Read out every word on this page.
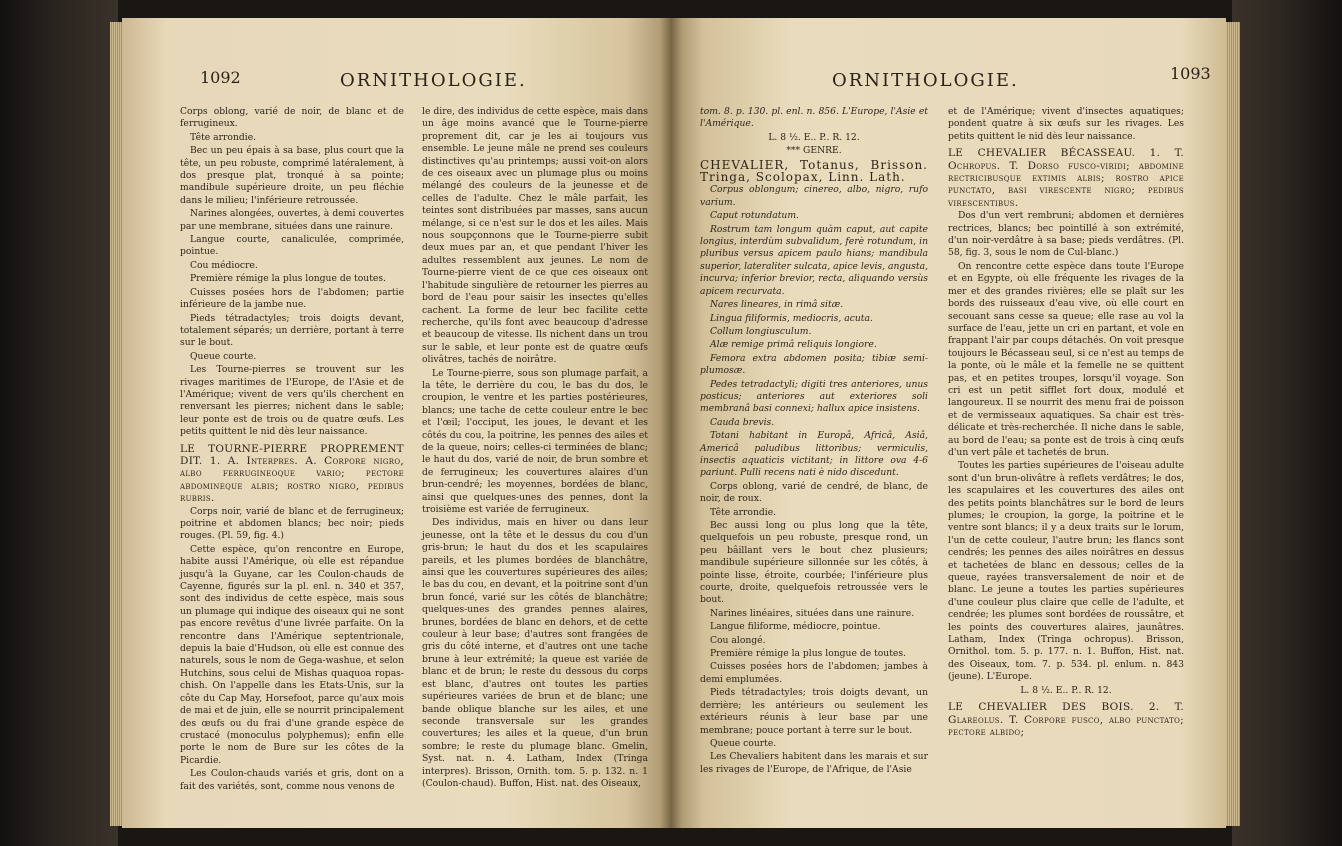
1092	ORNITHOLOGIE.

Corps oblong, varié de noir, de blanc et de ferrugineux.

Tête arrondie.

Bec un peu épais à sa base, plus court que la tête, un peu robuste, comprimé latéralement, à dos presque plat, tronqué à sa pointe; mandibule supérieure droite, un peu fléchie dans le milieu; l'inférieure retroussée.

Narines alongées, ouvertes, à demi couvertes par une membrane, situées dans une rainure.

Langue courte, canaliculée, comprimée, pointue.

Cou médiocre.

Première rémige la plus longue de toutes.

Cuisses posées hors de l'abdomen; partie inférieure de la jambe nue.

Pieds tétradactyles; trois doigts devant, totalement séparés; un derrière, portant à terre sur le bout.

Queue courte.

Les Tourne-pierres se trouvent sur les rivages maritimes de l'Europe, de l'Asie et de l'Amérique; vivent de vers qu'ils cherchent en renversant les pierres; nichent dans le sable; leur ponte est de trois ou de quatre œufs. Les petits quittent le nid dès leur naissance.

LE TOURNE-PIERRE PROPREMENT DIT. 1. A. Interpres. A. Corpore nigro, albo ferrugineoque vario; pectore abdomineque albis; rostro nigro, pedibus rubris.

Corps noir, varié de blanc et de ferrugineux; poitrine et abdomen blancs; bec noir; pieds rouges. (Pl. 59, fig. 4.)

Cette espèce, qu'on rencontre en Europe, habite aussi l'Amérique, où elle est répandue jusqu'à la Guyane, car les Coulon-chauds de Cayenne, figurés sur la pl. enl. n. 340 et 357, sont des individus de cette espèce, mais sous un plumage qui indique des oiseaux qui ne sont pas encore revêtus d'une livrée parfaite. On la rencontre dans l'Amérique septentrionale, depuis la baie d'Hudson, où elle est connue des naturels, sous le nom de Gega-washue, et selon Hutchins, sous celui de Mishas quaquoa ropas-chish. On l'appelle dans les Etats-Unis, sur la côte du Cap May, Horsefoot, parce qu'aux mois de mai et de juin, elle se nourrit principalement des œufs ou du frai d'une grande espèce de crustacé (monoculus polyphemus); enfin elle porte le nom de Bure sur les côtes de la Picardie.

Les Coulon-chauds variés et gris, dont on a fait des variétés, sont, comme nous venons de

le dire, des individus de cette espèce, mais dans un âge moins avancé que le Tourne-pierre proprement dit, car je les ai toujours vus ensemble. Le jeune mâle ne prend ses couleurs distinctives qu'au printemps; aussi voit-on alors de ces oiseaux avec un plumage plus ou moins mélangé des couleurs de la jeunesse et de celles de l'adulte. Chez le mâle parfait, les teintes sont distribuées par masses, sans aucun mélange, si ce n'est sur le dos et les ailes. Mais nous soupçonnons que le Tourne-pierre subit deux mues par an, et que pendant l'hiver les adultes ressemblent aux jeunes. Le nom de Tourne-pierre vient de ce que ces oiseaux ont l'habitude singulière de retourner les pierres au bord de l'eau pour saisir les insectes qu'elles cachent. La forme de leur bec facilite cette recherche, qu'ils font avec beaucoup d'adresse et beaucoup de vitesse. Ils nichent dans un trou sur le sable, et leur ponte est de quatre œufs olivâtres, tachés de noirâtre.

Le Tourne-pierre, sous son plumage parfait, a la tête, le derrière du cou, le bas du dos, le croupion, le ventre et les parties postérieures, blancs; une tache de cette couleur entre le bec et l'œil; l'occiput, les joues, le devant et les côtés du cou, la poitrine, les pennes des ailes et de la queue, noirs; celles-ci terminées de blanc; le haut du dos, varié de noir, de brun sombre et de ferrugineux; les couvertures alaires d'un brun-cendré; les moyennes, bordées de blanc, ainsi que quelques-unes des pennes, dont la troisième est variée de ferrugineux.

Des individus, mais en hiver ou dans leur jeunesse, ont la tête et le dessus du cou d'un gris-brun; le haut du dos et les scapulaires pareils, et les plumes bordées de blanchâtre, ainsi que les couvertures supérieures des ailes; le bas du cou, en devant, et la poitrine sont d'un brun foncé, varié sur les côtés de blanchâtre; quelques-unes des grandes pennes alaires, brunes, bordées de blanc en dehors, et de cette couleur à leur base; d'autres sont frangées de gris du côté interne, et d'autres ont une tache brune à leur extrémité; la queue est variée de blanc et de brun; le reste du dessous du corps est blanc, d'autres ont toutes les parties supérieures variées de brun et de blanc; une bande oblique blanche sur les ailes, et une seconde transversale sur les grandes couvertures; les ailes et la queue, d'un brun sombre; le reste du plumage blanc. Gmelin, Syst. nat. n. 4. Latham, Index (Tringa interpres). Brisson, Ornith. tom. 5. p. 132. n. 1 (Coulon-chaud). Buffon, Hist. nat. des Oiseaux,

ORNITHOLOGIE.	1093

tom. 8. p. 130. pl. enl. n. 856. L'Europe, l'Asie et l'Amérique.

L. 8 ½. E.. P.. R. 12.

*** GENRE.

CHEVALIER, Totanus, Brisson. Tringa, Scolopax, Linn. Lath.

Corpus oblongum; cinereo, albo, nigro, rufo varium.

Caput rotundatum.

Rostrum tam longum quàm caput, aut capite longius, interdùm subvalidum, ferè rotundum, in pluribus versus apicem paulo hians; mandibula superior, lateraliter sulcata, apice levis, angusta, incurva; inferior brevior, recta, aliquando versùs apicem recurvata.

Nares lineares, in rimâ sitæ.

Lingua filiformis, mediocris, acuta.

Collum longiusculum.

Alæ remige primâ reliquis longiore.

Femora extra abdomen posita; tibiæ semi-plumosæ.

Pedes tetradactyli; digiti tres anteriores, unus posticus; anteriores aut exteriores soli membranâ basi connexi; hallux apice insistens.

Cauda brevis.

Totani habitant in Europâ, Africâ, Asiâ, Americâ paludibus littoribus; vermiculis, insectis aquaticis victitant; in littore ova 4-6 pariunt. Pulli recens nati è nido discedunt.

Corps oblong, varié de cendré, de blanc, de noir, de roux.

Tête arrondie.

Bec aussi long ou plus long que la tête, quelquefois un peu robuste, presque rond, un peu bâillant vers le bout chez plusieurs; mandibule supérieure sillonnée sur les côtés, à pointe lisse, étroite, courbée; l'inférieure plus courte, droite, quelquefois retroussée vers le bout.

Narines linéaires, situées dans une rainure.

Langue filiforme, médiocre, pointue.

Cou alongé.

Première rémige la plus longue de toutes.

Cuisses posées hors de l'abdomen; jambes à demi emplumées.

Pieds tétradactyles; trois doigts devant, un derrière; les antérieurs ou seulement les extérieurs réunis à leur base par une membrane; pouce portant à terre sur le bout.

Queue courte.

Les Chevaliers habitent dans les marais et sur les rivages de l'Europe, de l'Afrique, de l'Asie

et de l'Amérique; vivent d'insectes aquatiques; pondent quatre à six œufs sur les rivages. Les petits quittent le nid dès leur naissance.

LE CHEVALIER BÉCASSEAU. 1. T. Ochropus. T. Dorso fusco-viridi; abdomine rectricibusque extimis albis; rostro apice punctato, basi virescente nigro; pedibus virescentibus.

Dos d'un vert rembruni; abdomen et dernières rectrices, blancs; bec pointillé à son extrémité, d'un noir-verdâtre à sa base; pieds verdâtres. (Pl. 58, fig. 3, sous le nom de Cul-blanc.)

On rencontre cette espèce dans toute l'Europe et en Egypte, où elle fréquente les rivages de la mer et des grandes rivières; elle se plaît sur les bords des ruisseaux d'eau vive, où elle court en secouant sans cesse sa queue; elle rase au vol la surface de l'eau, jette un cri en partant, et vole en frappant l'air par coups détachés. On voit presque toujours le Bécasseau seul, si ce n'est au temps de la ponte, où le mâle et la femelle ne se quittent pas, et en petites troupes, lorsqu'il voyage. Son cri est un petit sifflet fort doux, modulé et langoureux. Il se nourrit des menu frai de poisson et de vermisseaux aquatiques. Sa chair est très-délicate et très-recherchée. Il niche dans le sable, au bord de l'eau; sa ponte est de trois à cinq œufs d'un vert pâle et tachetés de brun.

Toutes les parties supérieures de l'oiseau adulte sont d'un brun-olivâtre à reflets verdâtres; le dos, les scapulaires et les couvertures des ailes ont des petits points blanchâtres sur le bord de leurs plumes; le croupion, la gorge, la poitrine et le ventre sont blancs; il y a deux traits sur le lorum, l'un de cette couleur, l'autre brun; les flancs sont cendrés; les pennes des ailes noirâtres en dessus et tachetées de blanc en dessous; celles de la queue, rayées transversalement de noir et de blanc. Le jeune a toutes les parties supérieures d'une couleur plus claire que celle de l'adulte, et cendrée; les plumes sont bordées de roussâtre, et les points des couvertures alaires, jaunâtres. Latham, Index (Tringa ochropus). Brisson, Ornithol. tom. 5. p. 177. n. 1. Buffon, Hist. nat. des Oiseaux, tom. 7. p. 534. pl. enlum. n. 843 (jeune). L'Europe.

L. 8 ½. E.. P.. R. 12.

LE CHEVALIER DES BOIS. 2. T. Glareolus. T. Corpore fusco, albo punctato; pectore albido;
